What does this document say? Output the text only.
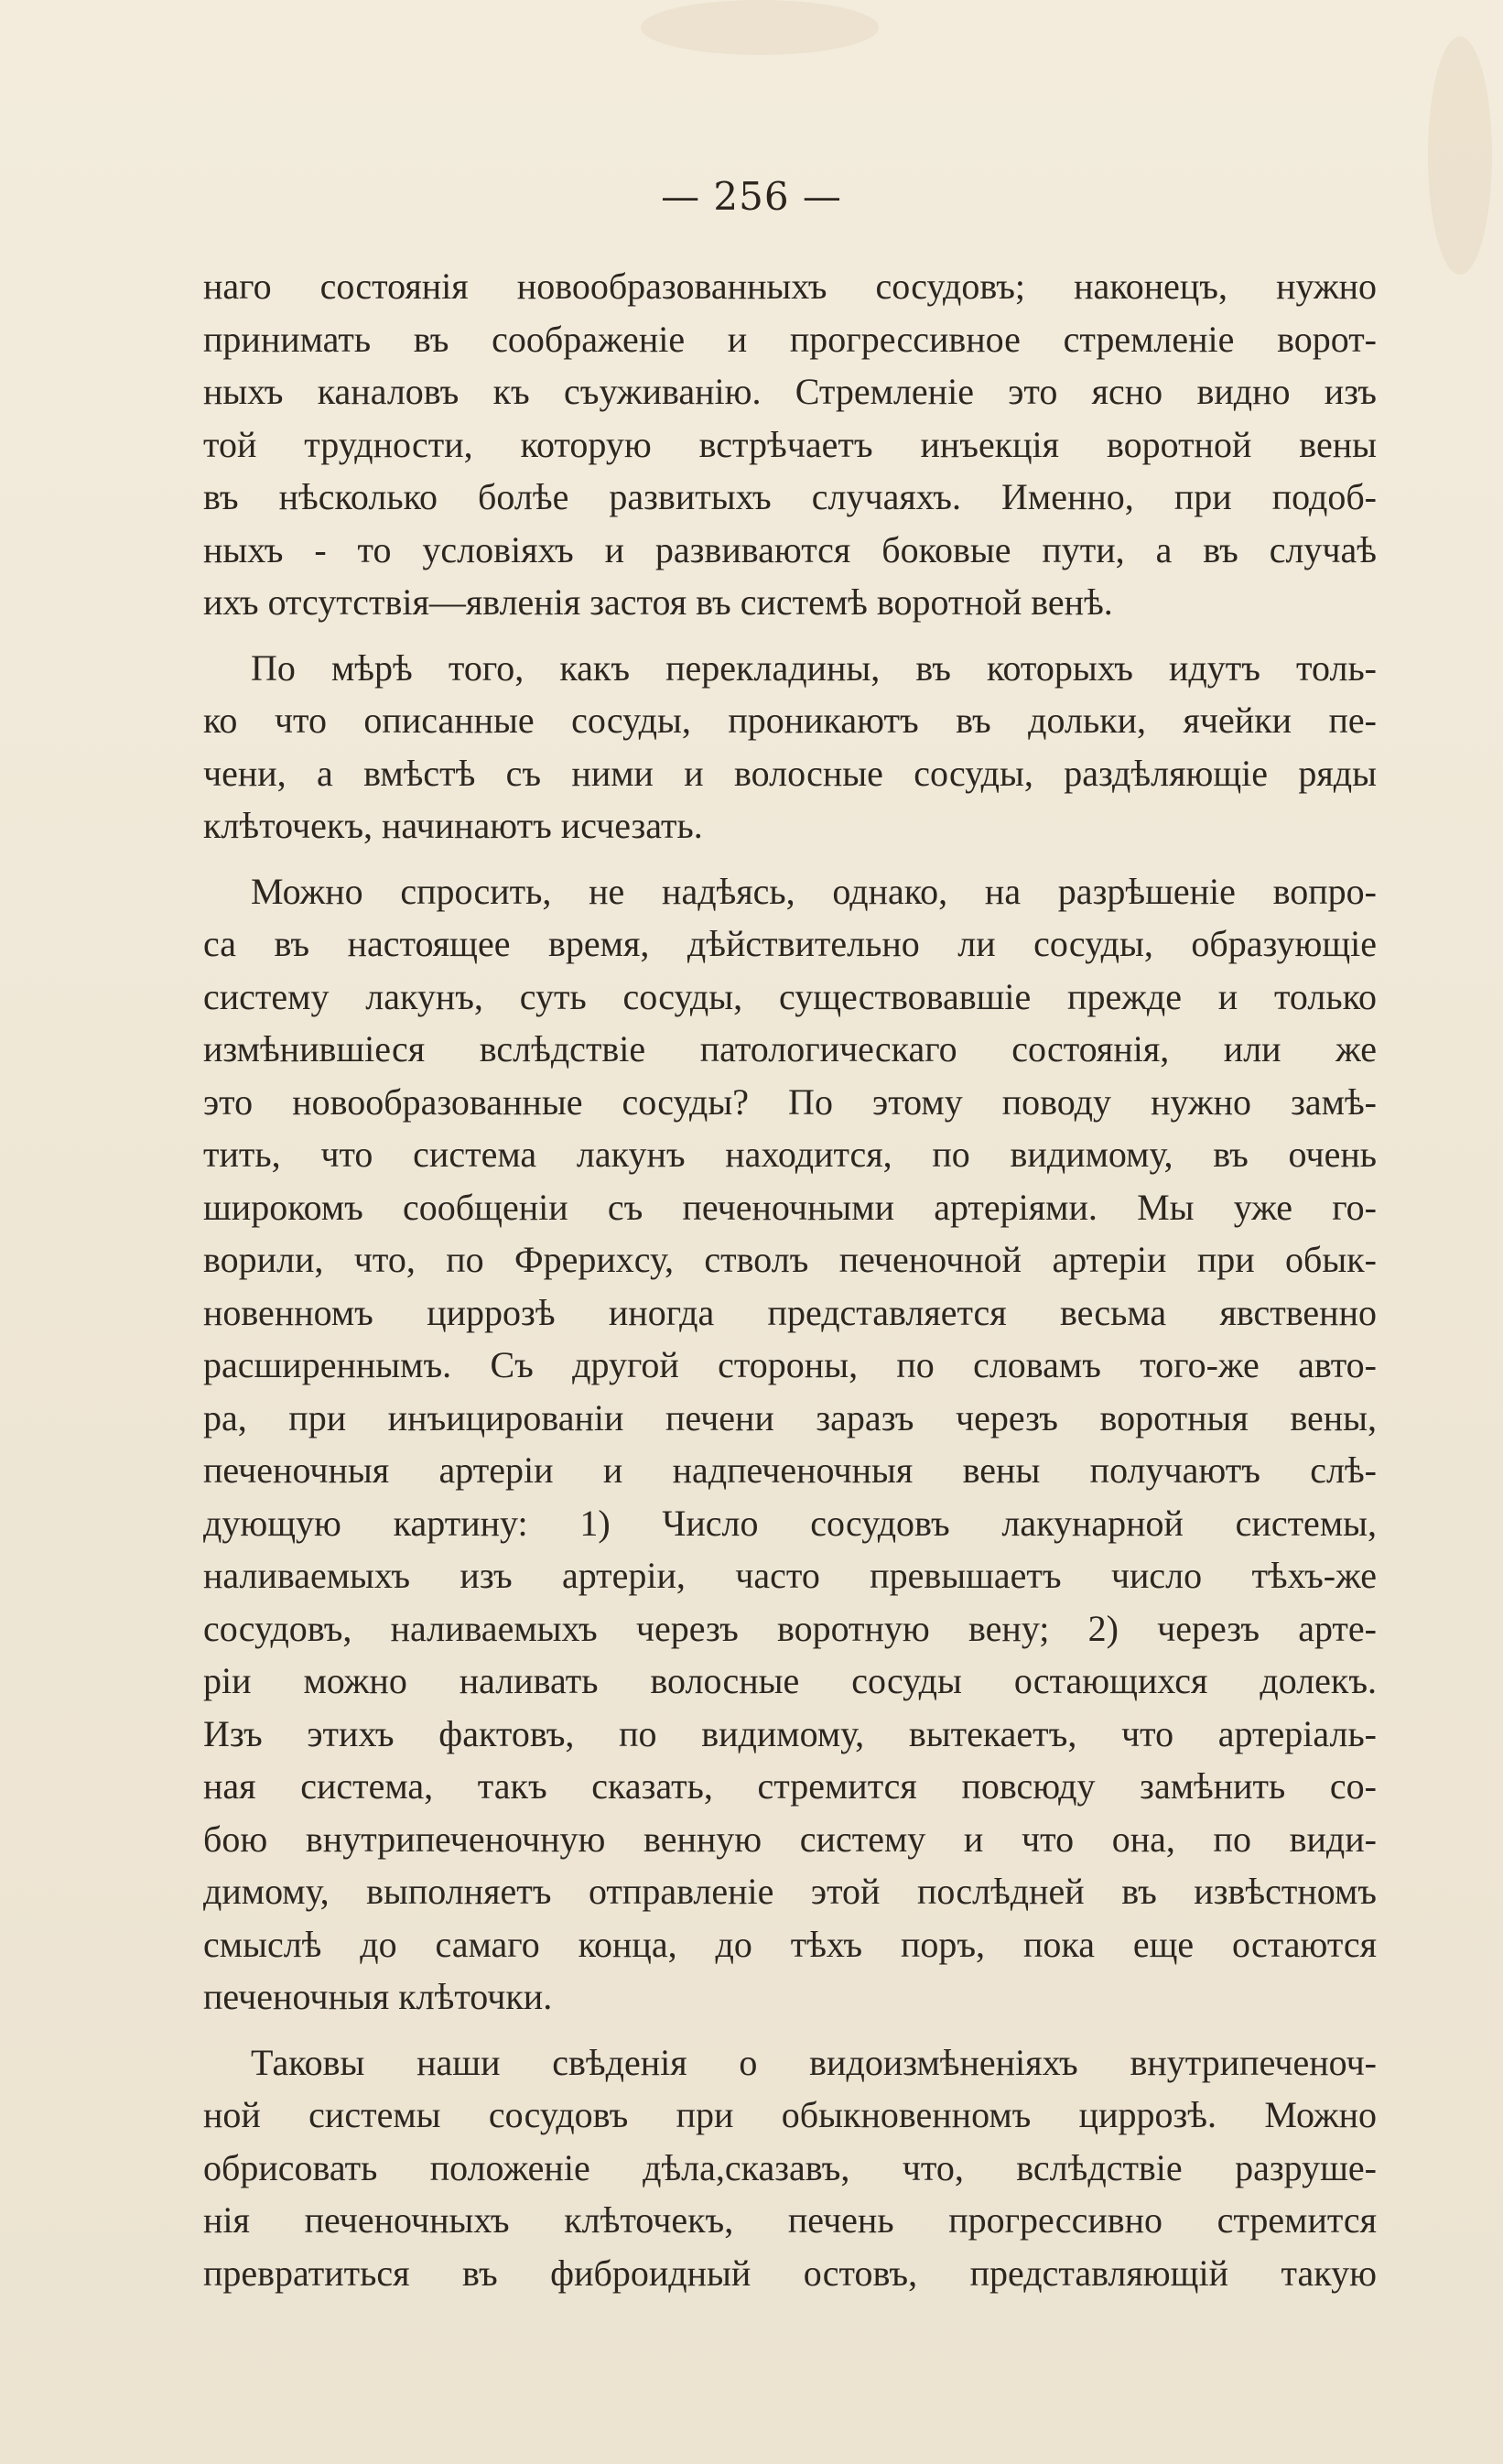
— 256 —
наго состоянія новообразованныхъ сосудовъ; наконецъ, нужно
принимать въ соображеніе и прогрессивное стремленіе ворот-
ныхъ каналовъ къ съуживанію. Стремленіе это ясно видно изъ
той трудности, которую встрѣчаетъ инъекція воротной вены
въ нѣсколько болѣе развитыхъ случаяхъ. Именно, при подоб-
ныхъ - то условіяхъ и развиваются боковые пути, а въ случаѣ
ихъ отсутствія—явленія застоя въ системѣ воротной венѣ.
По мѣрѣ того, какъ перекладины, въ которыхъ идутъ толь-
ко что описанные сосуды, проникаютъ въ дольки, ячейки пе-
чени, а вмѣстѣ съ ними и волосные сосуды, раздѣляющіе ряды
клѣточекъ, начинаютъ исчезать.
Можно спросить, не надѣясь, однако, на разрѣшеніе вопро-
са въ настоящее время, дѣйствительно ли сосуды, образующіе
системy лакунъ, суть сосуды, существовавшіе прежде и только
измѣнившіеся вслѣдствіе патологическаго состоянія, или же
это новообразованные сосуды? По этому поводу нужно замѣ-
тить, что система лакунъ находится, по видимому, въ очень
широкомъ сообщеніи съ печеночными артеріями. Мы уже го-
ворили, что, по Фрериxсу, стволъ печеночной артеріи при обык-
новенномъ циррозѣ иногда представляется весьма явственно
расширеннымъ. Съ другой стороны, по словамъ того-же авто-
ра, при инъицированіи печени заразъ черезъ воротныя вены,
печеночныя артеріи и надпеченочныя вены получаютъ слѣ-
дующую картину: 1) Число сосудовъ лакунарной системы,
наливаемыхъ изъ артеріи, часто превышаетъ число тѣхъ-же
сосудовъ, наливаемыхъ черезъ воротную вену; 2) черезъ арте-
ріи можно наливать волосные сосуды остающихся долекъ.
Изъ этихъ фактовъ, по видимому, вытекаетъ, что артеріаль-
ная система, такъ сказать, стремится повсюду замѣнить со-
бою внутрипеченочную венную систему и что она, по види-
димому, выполняетъ отправленіе этой послѣдней въ извѣстномъ
смыслѣ до самаго конца, до тѣхъ поръ, пока еще остаются
печеночныя клѣточки.
Таковы наши свѣденія о видоизмѣненіяхъ внутрипеченоч-
ной системы сосудовъ при обыкновенномъ циррозѣ. Можно
обрисовать положеніе дѣла,сказавъ, что, вслѣдствіе разруше-
нія печеночныхъ клѣточекъ, печень прогрессивно стремится
превратиться въ фиброидный остовъ, представляющій такую
